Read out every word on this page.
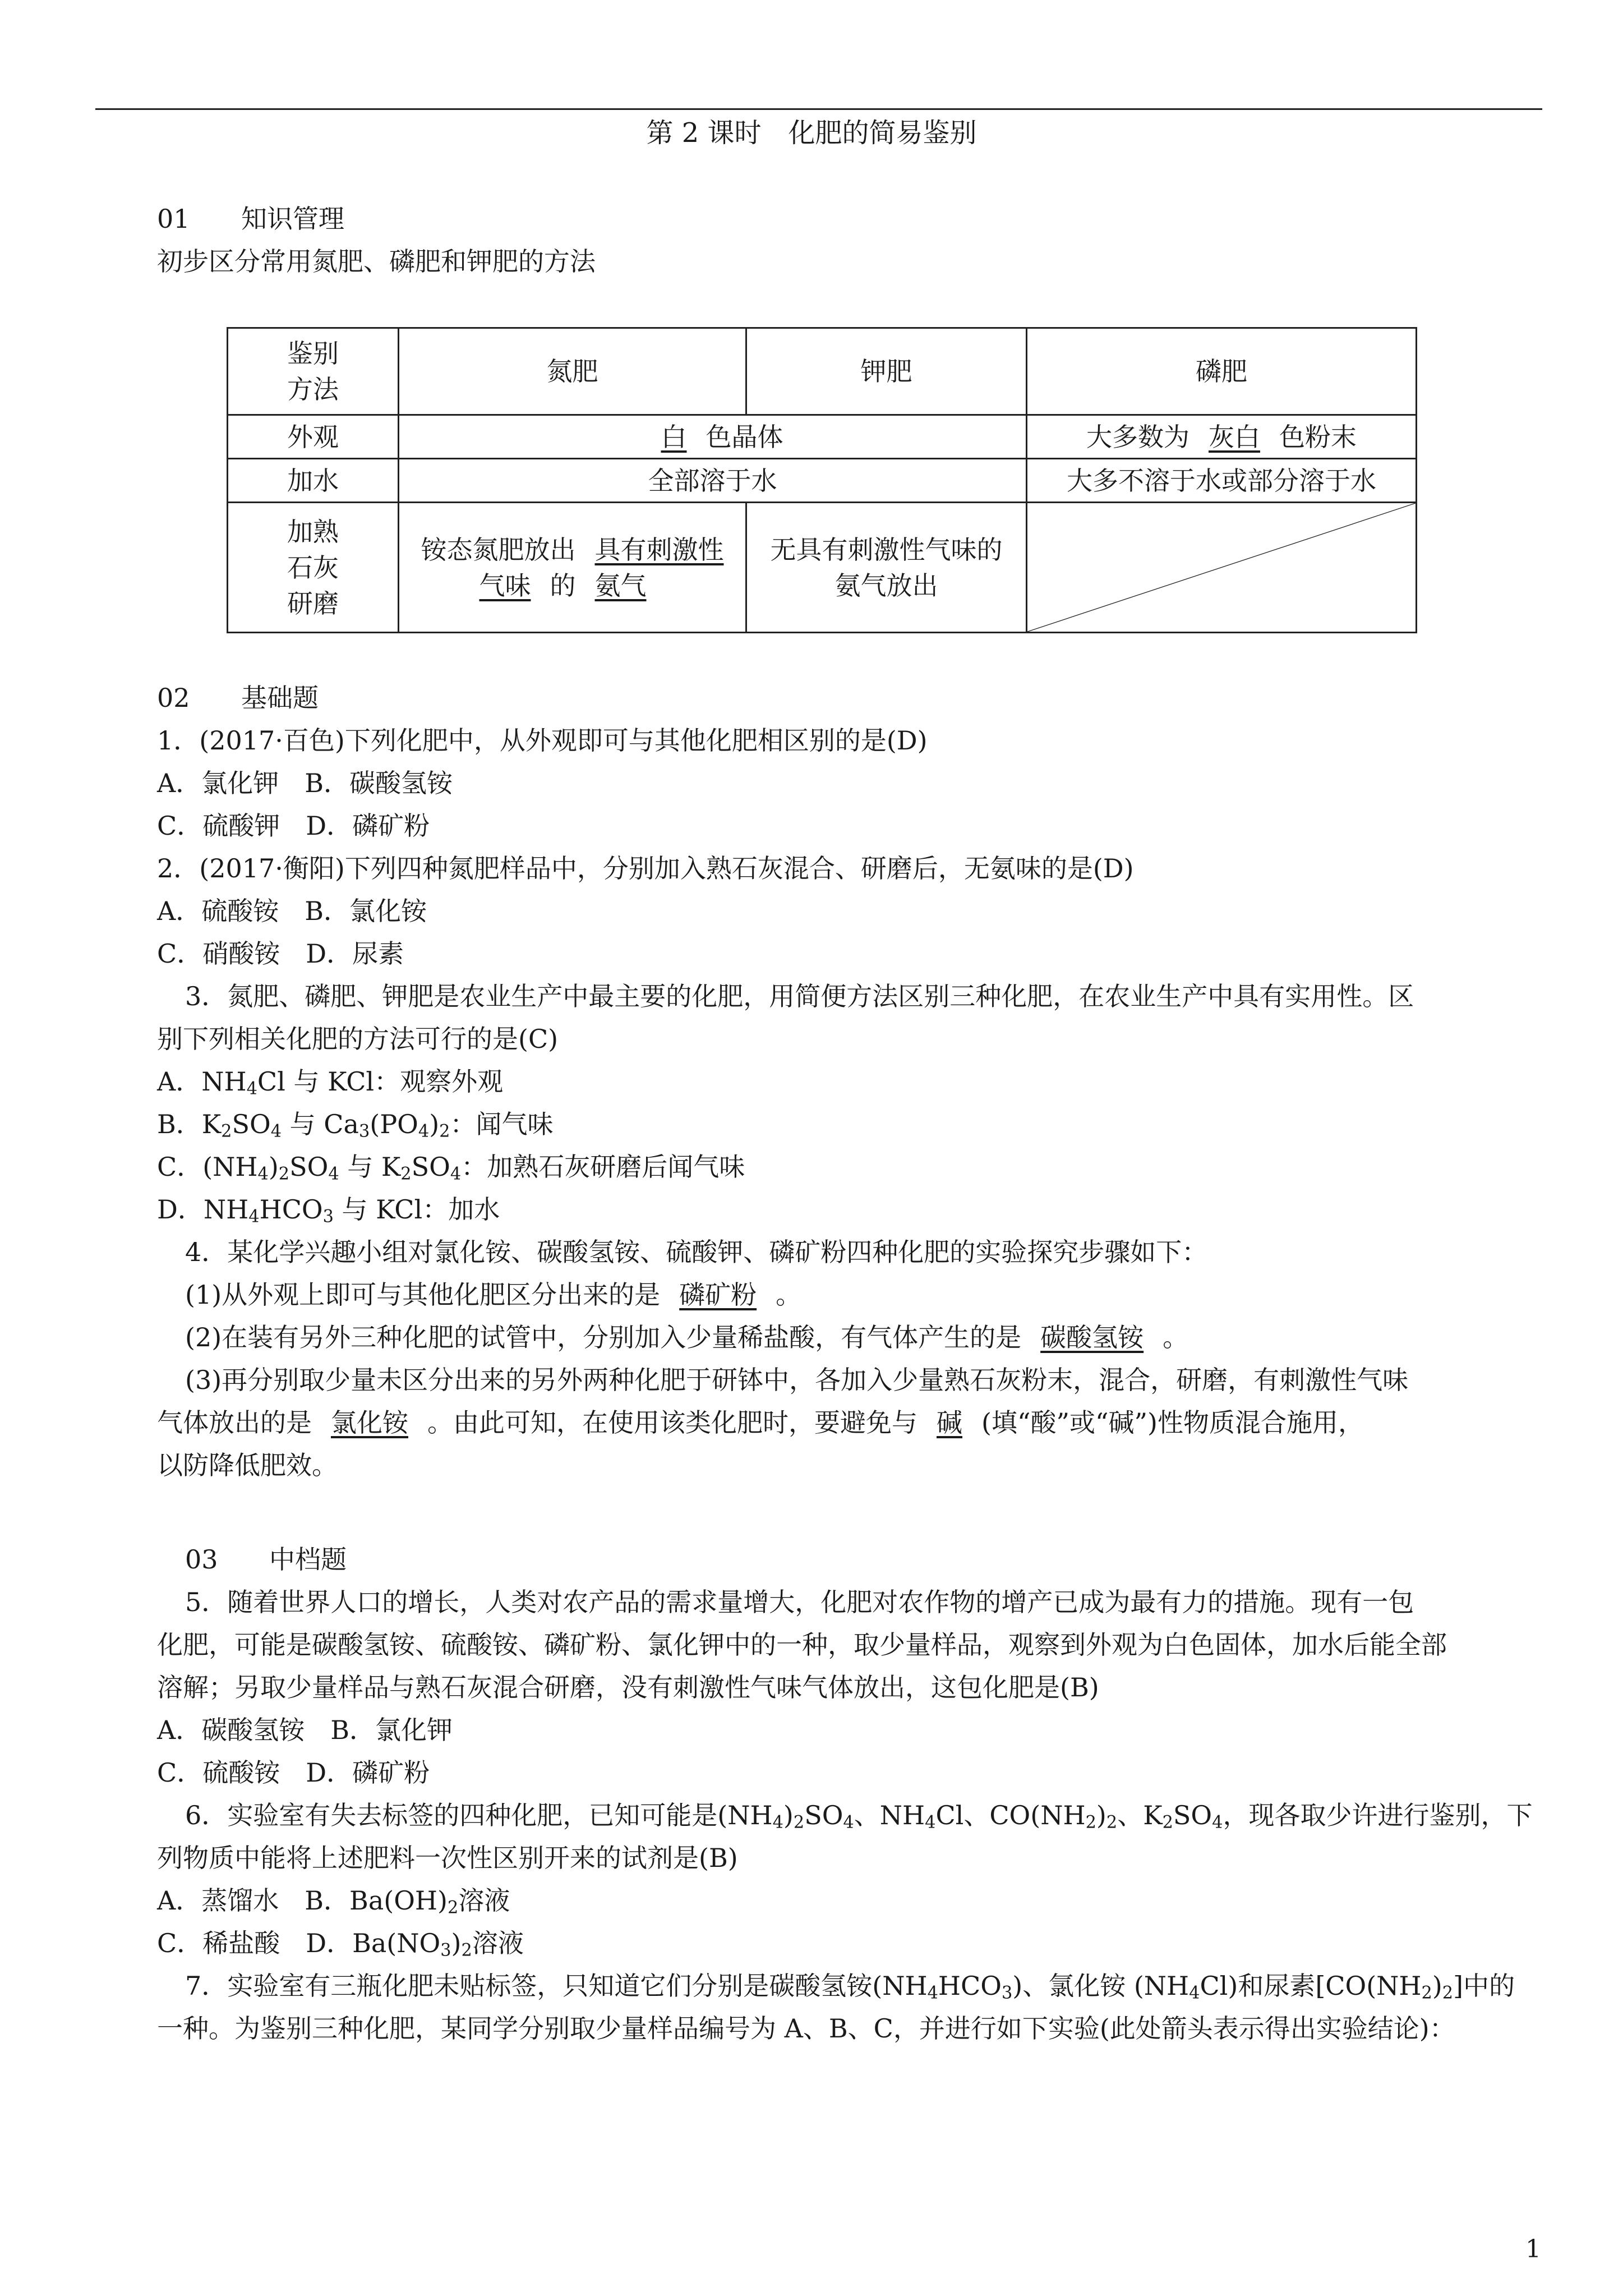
第 2 课时　化肥的简易鉴别
01 知识管理
初步区分常用氮肥、磷肥和钾肥的方法
鉴别方法	氮肥	钾肥	磷肥
外观	白 色晶体		大多数为 灰白 色粉末
加水	全部溶于水		大多不溶于水或部分溶于水

加熟石灰研磨	铵态氮肥放出 具有刺激性气味 的 氨气	无具有刺激性气味的氨气放出	
02 基础题
1．(2017·百色)下列化肥中，从外观即可与其他化肥相区别的是(D)
A．氯化钾　B．碳酸氢铵
C．硫酸钾　D．磷矿粉
2．(2017·衡阳)下列四种氮肥样品中，分别加入熟石灰混合、研磨后，无氨味的是(D)
A．硫酸铵　B．氯化铵
C．硝酸铵　D．尿素
3．氮肥、磷肥、钾肥是农业生产中最主要的化肥，用简便方法区别三种化肥，在农业生产中具有实用性。区
别下列相关化肥的方法可行的是(C)
A．$NH_4Cl$ 与 KCl：观察外观
B．$K_2SO_4$ 与 $Ca_3(PO_4)_2$：闻气味
C．$(NH_4)_2SO_4$ 与 $K_2SO_4$：加熟石灰研磨后闻气味
D．$NH_4HCO_3$ 与 KCl：加水
4．某化学兴趣小组对氯化铵、碳酸氢铵、硫酸钾、磷矿粉四种化肥的实验探究步骤如下：
(1)从外观上即可与其他化肥区分出来的是 磷矿粉 。
(2)在装有另外三种化肥的试管中，分别加入少量稀盐酸，有气体产生的是 碳酸氢铵 。
(3)再分别取少量未区分出来的另外两种化肥于研钵中，各加入少量熟石灰粉末，混合，研磨，有刺激性气味
气体放出的是 氯化铵 。由此可知，在使用该类化肥时，要避免与 碱 (填“酸”或“碱”)性物质混合施用，
以防降低肥效。
03 中档题
5．随着世界人口的增长，人类对农产品的需求量增大，化肥对农作物的增产已成为最有力的措施。现有一包
化肥，可能是碳酸氢铵、硫酸铵、磷矿粉、氯化钾中的一种，取少量样品，观察到外观为白色固体，加水后能全部
溶解；另取少量样品与熟石灰混合研磨，没有刺激性气味气体放出，这包化肥是(B)
A．碳酸氢铵　B．氯化钾
C．硫酸铵　D．磷矿粉
6．实验室有失去标签的四种化肥，已知可能是$(NH_4)_2SO_4$、$NH_4Cl$、$CO(NH_2)_2$、$K_2SO_4$，现各取少许进行鉴别，下
列物质中能将上述肥料一次性区别开来的试剂是(B)
A．蒸馏水　B．$Ba(OH)_2$溶液
C．稀盐酸　D．$Ba(NO_3)_2$溶液
7．实验室有三瓶化肥未贴标签，只知道它们分别是碳酸氢铵$(NH_4HCO_3)$、氯化铵 $(NH_4Cl)$和尿素$[CO(NH_2)_2]$中的
一种。为鉴别三种化肥，某同学分别取少量样品编号为 A、B、C，并进行如下实验(此处箭头表示得出实验结论)：
1
